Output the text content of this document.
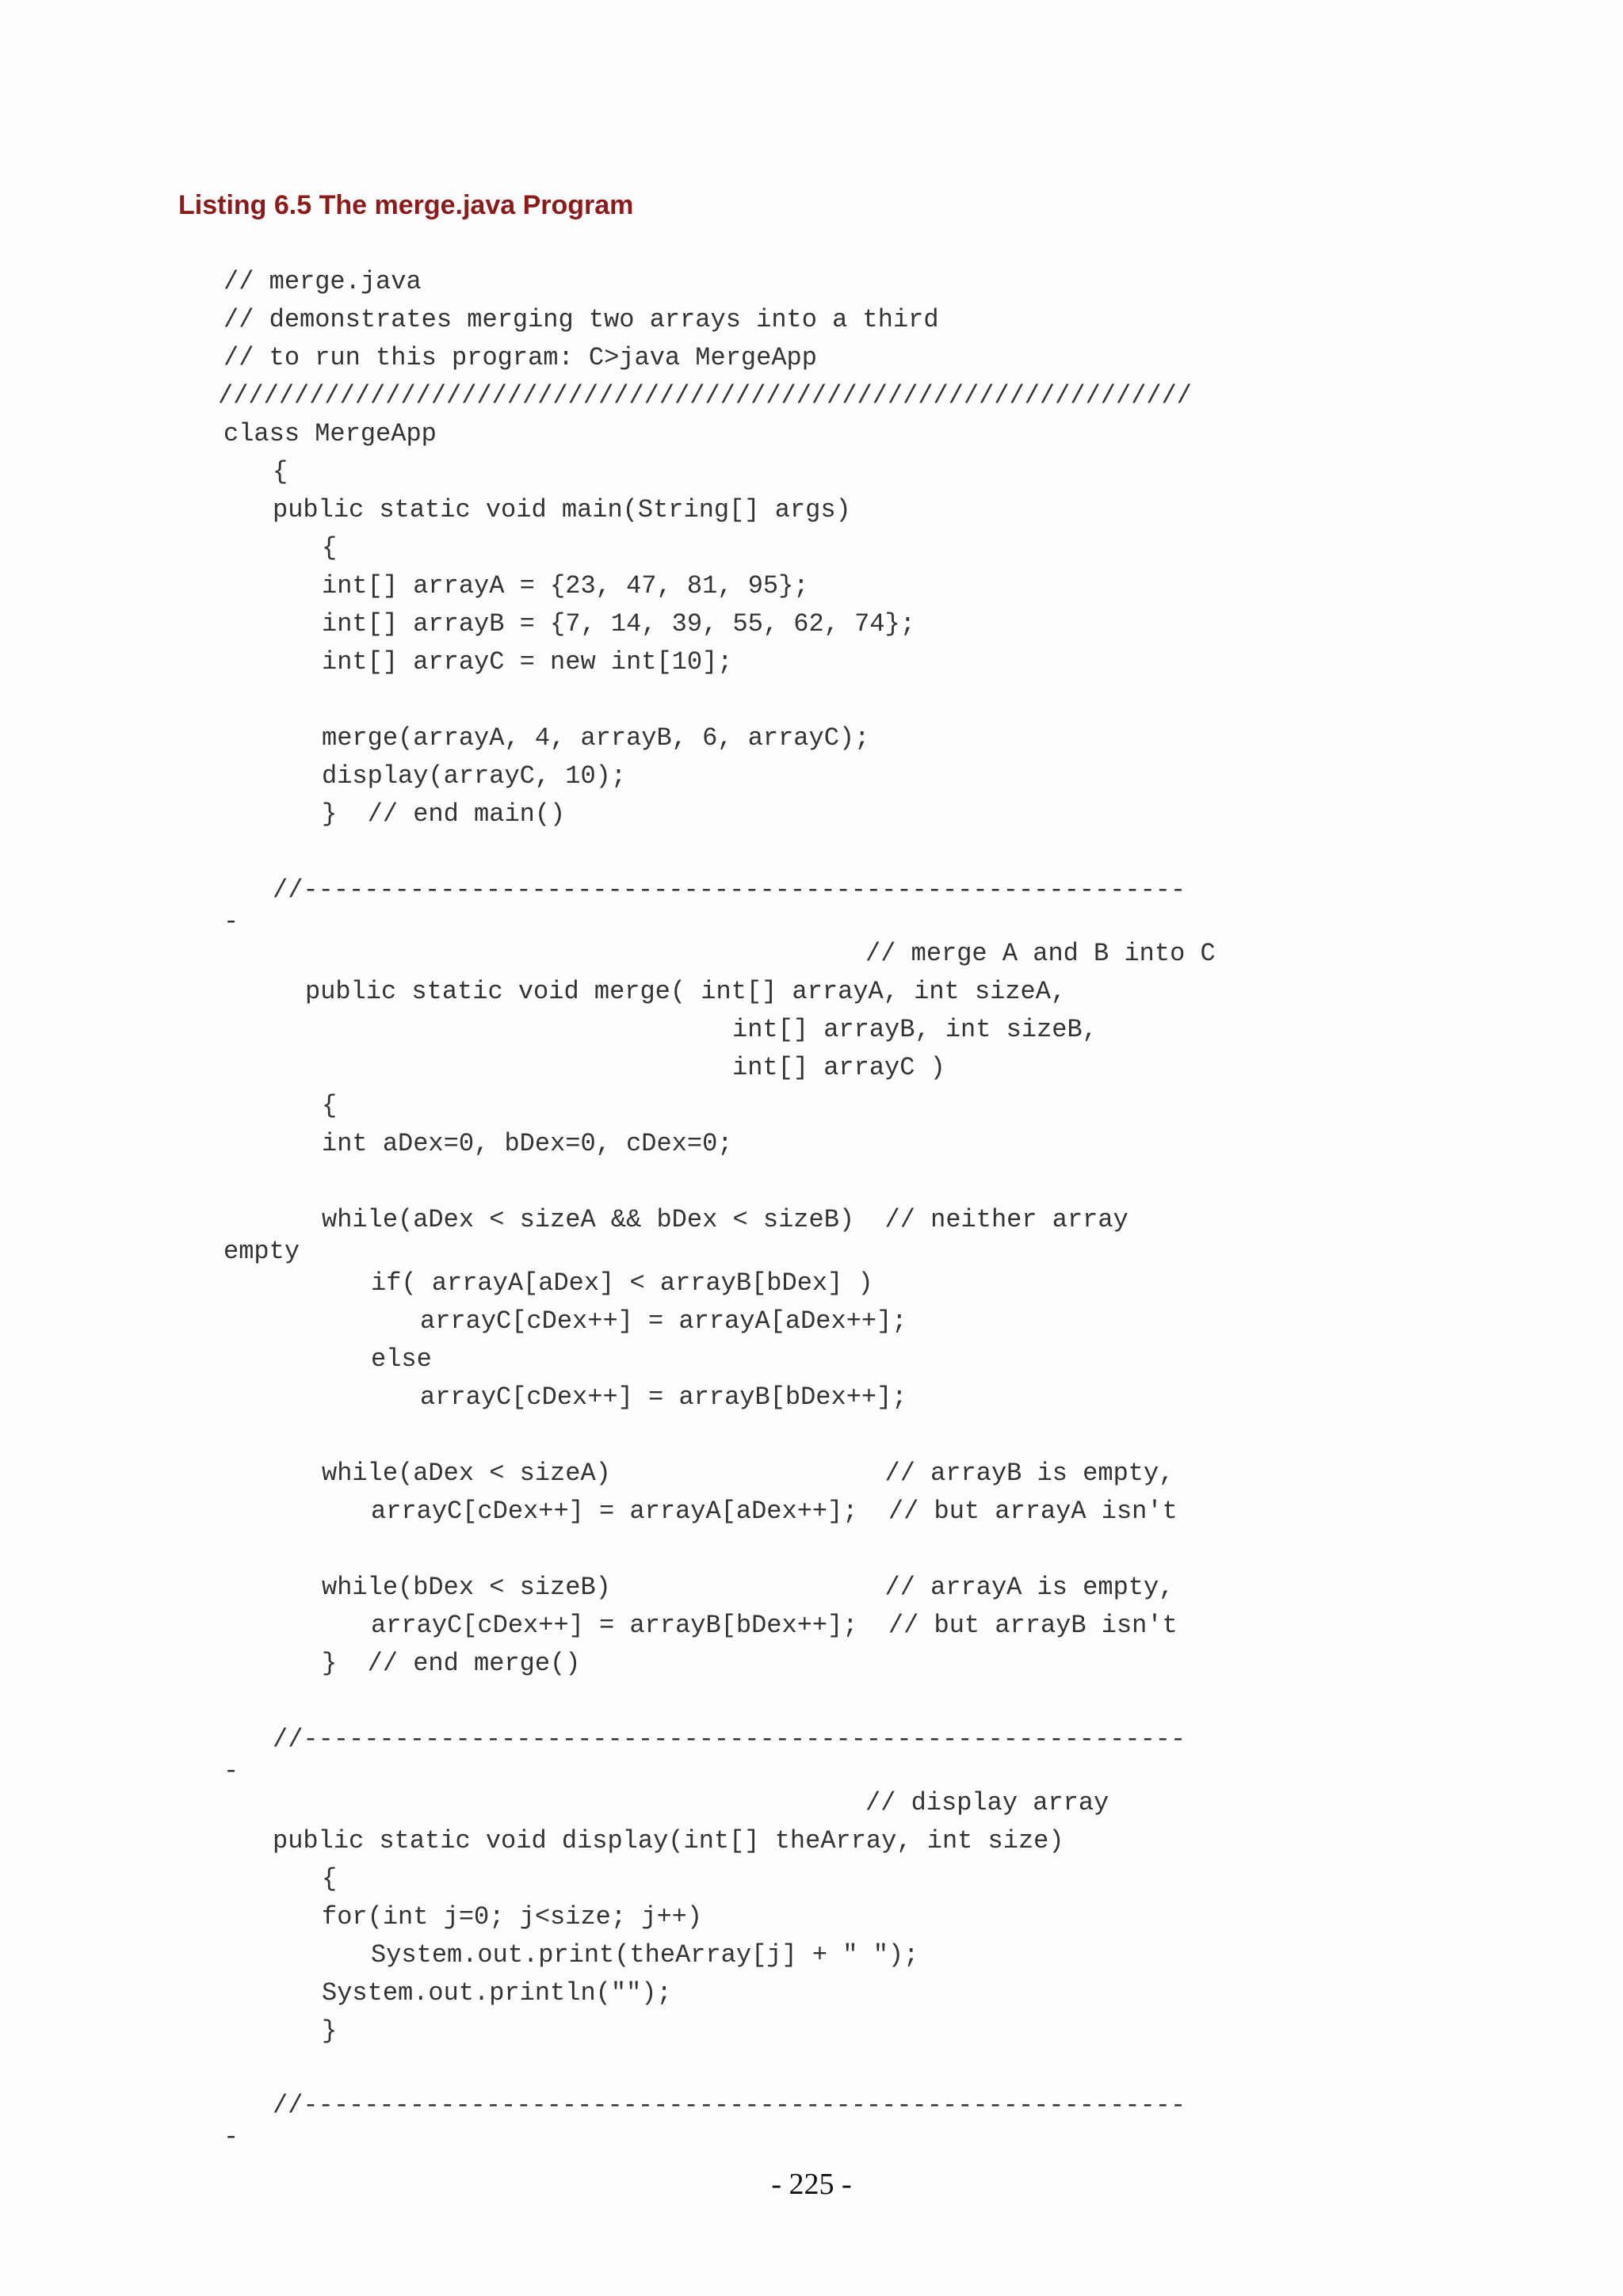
Listing 6.5 The merge.java Program
// merge.java
// demonstrates merging two arrays into a third
// to run this program: C>java MergeApp
////////////////////////////////////////////////////////////////
class MergeApp
{
public static void main(String[] args)
{
int[] arrayA = {23, 47, 81, 95};
int[] arrayB = {7, 14, 39, 55, 62, 74};
int[] arrayC = new int[10];
merge(arrayA, 4, arrayB, 6, arrayC);
display(arrayC, 10);
}  // end main()
//----------------------------------------------------------
-
// merge A and B into C
public static void merge( int[] arrayA, int sizeA,
int[] arrayB, int sizeB,
int[] arrayC )
{
int aDex=0, bDex=0, cDex=0;
while(aDex < sizeA && bDex < sizeB)  // neither array
empty
if( arrayA[aDex] < arrayB[bDex] )
arrayC[cDex++] = arrayA[aDex++];
else
arrayC[cDex++] = arrayB[bDex++];
while(aDex < sizeA)                  // arrayB is empty,
arrayC[cDex++] = arrayA[aDex++];  // but arrayA isn't
while(bDex < sizeB)                  // arrayA is empty,
arrayC[cDex++] = arrayB[bDex++];  // but arrayB isn't
}  // end merge()
//----------------------------------------------------------
-
// display array
public static void display(int[] theArray, int size)
{
for(int j=0; j<size; j++)
System.out.print(theArray[j] + " ");
System.out.println("");
}
//----------------------------------------------------------
-
- 225 -
